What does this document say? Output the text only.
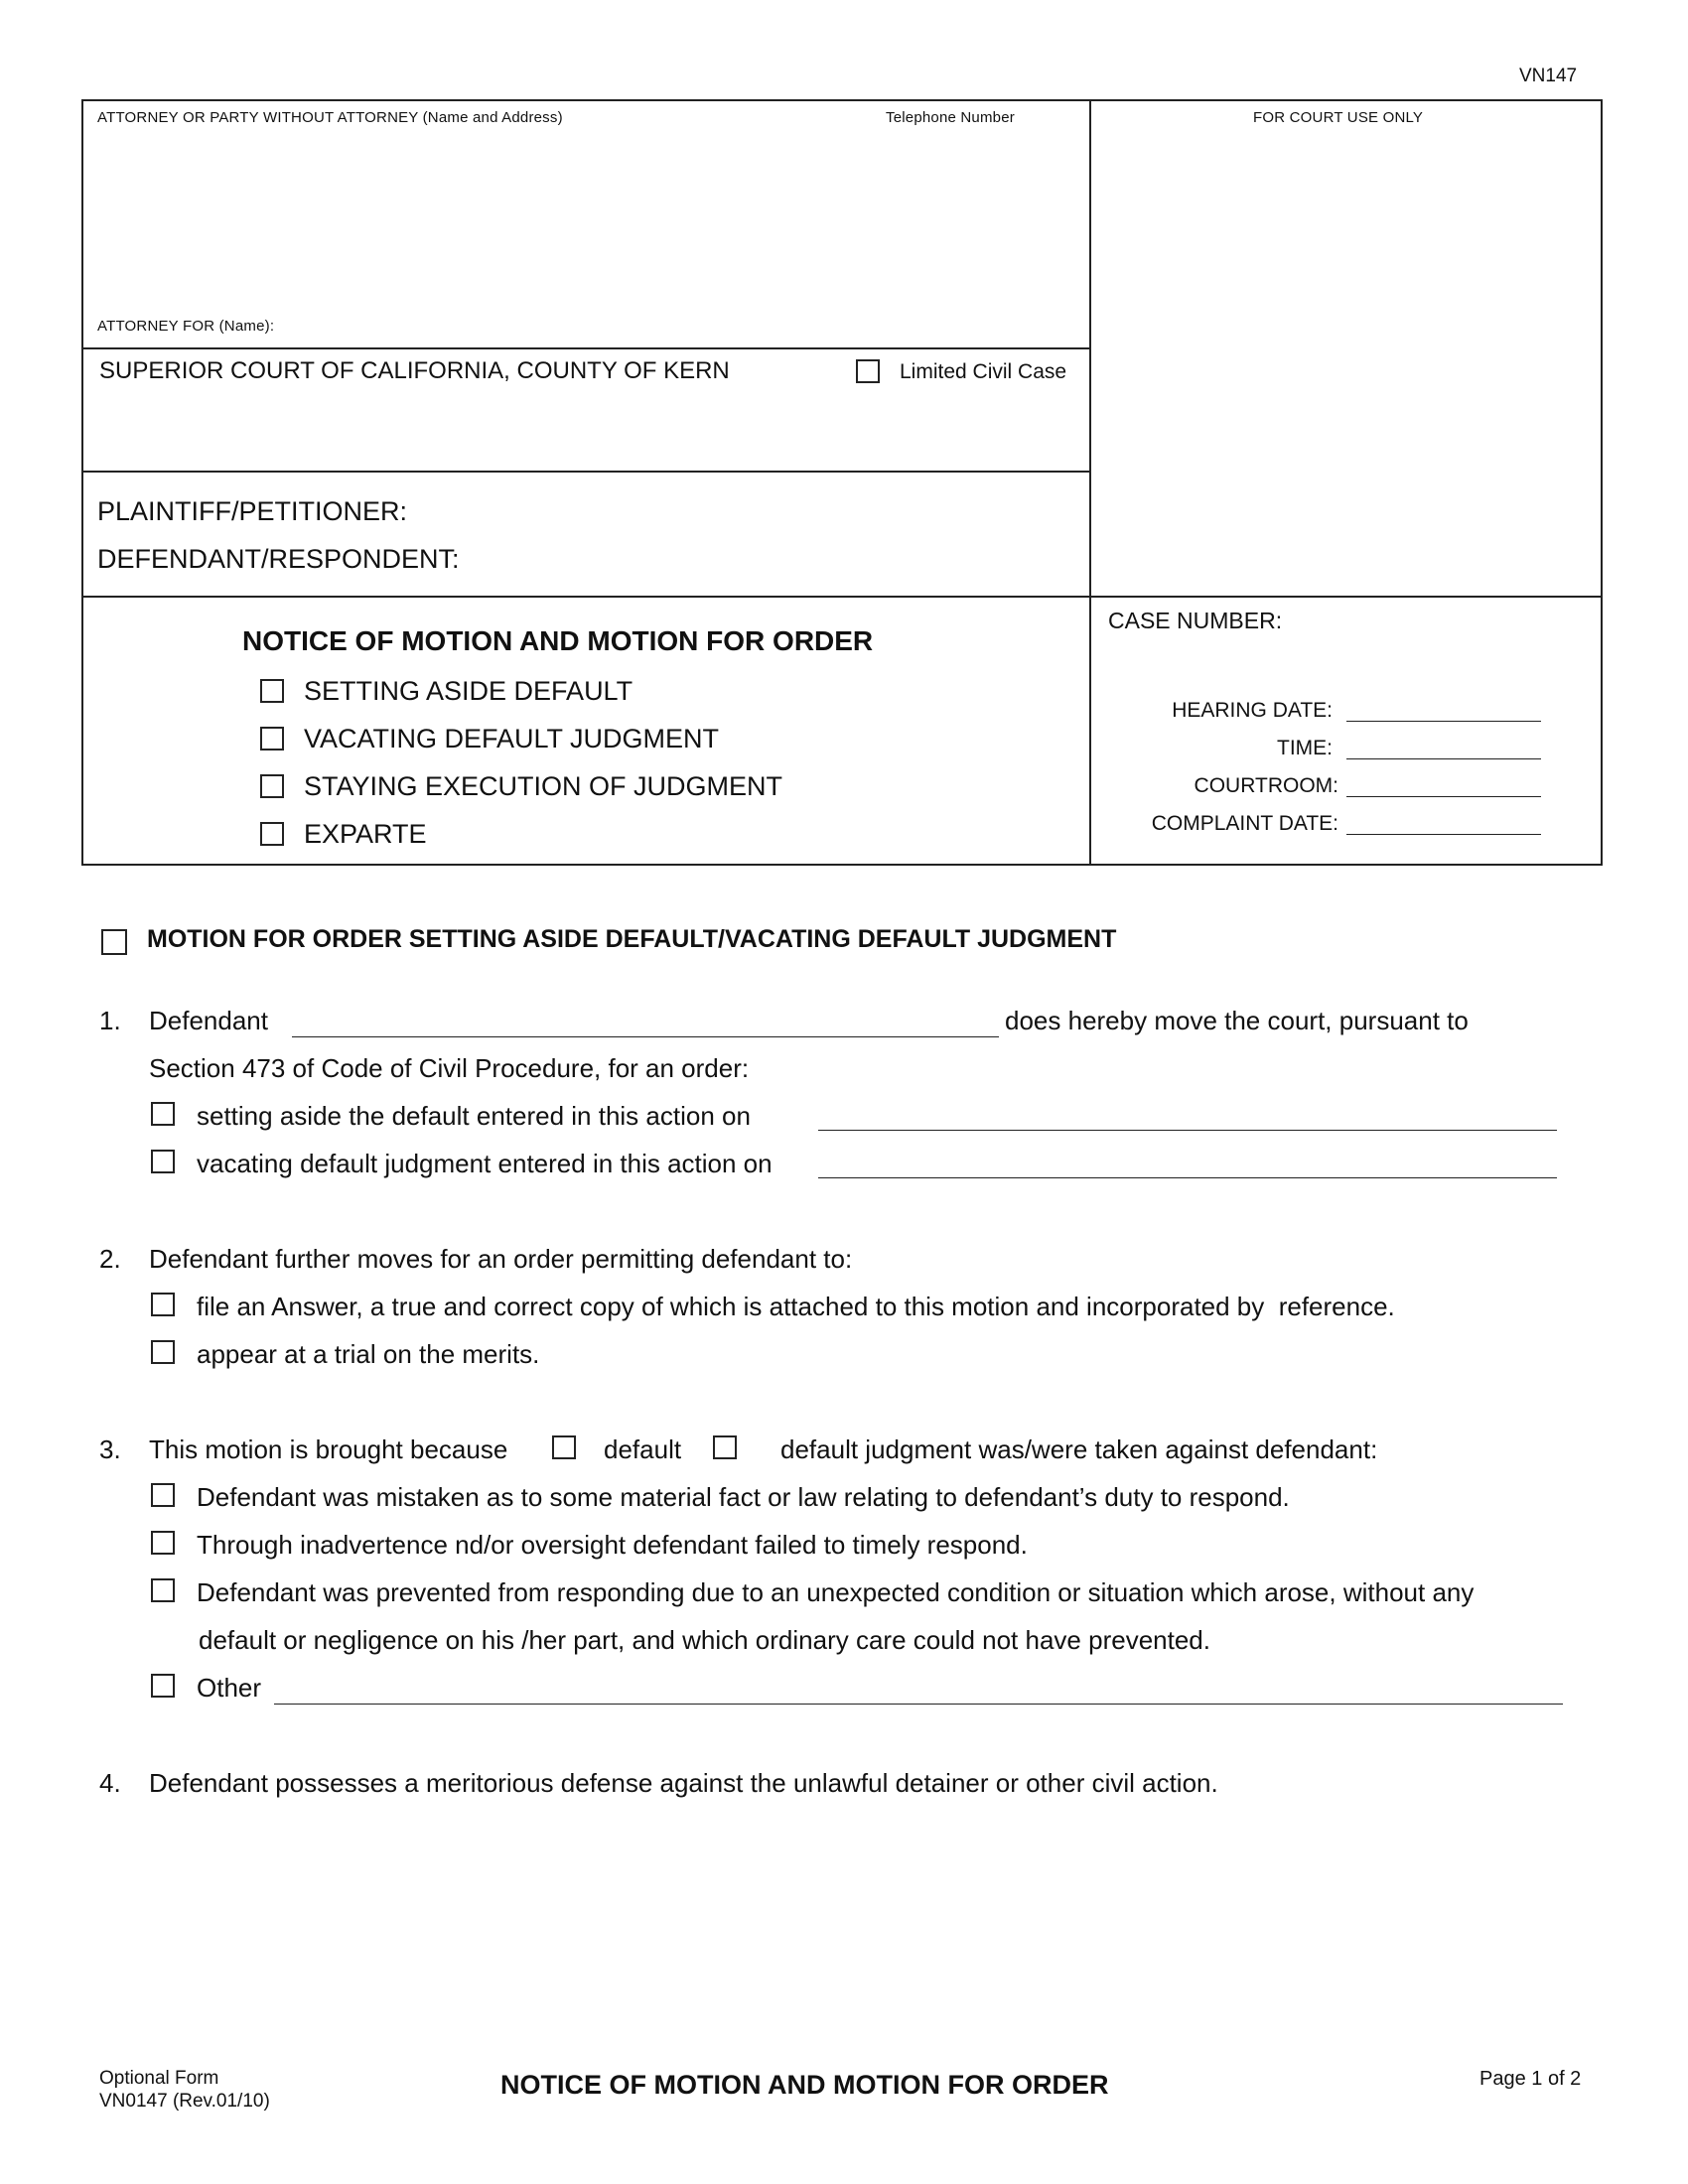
VN147
ATTORNEY OR PARTY WITHOUT ATTORNEY (Name and Address)	Telephone Number	FOR COURT USE ONLY
ATTORNEY FOR (Name):
SUPERIOR COURT OF CALIFORNIA, COUNTY OF KERN	Limited Civil Case
PLAINTIFF/PETITIONER:
DEFENDANT/RESPONDENT:
NOTICE OF MOTION AND MOTION FOR ORDER
SETTING ASIDE DEFAULT
VACATING DEFAULT JUDGMENT
STAYING EXECUTION OF JUDGMENT
EXPARTE
CASE NUMBER:
HEARING DATE:
TIME:
COURTROOM:
COMPLAINT DATE:
MOTION FOR ORDER SETTING ASIDE DEFAULT/VACATING DEFAULT JUDGMENT
1. Defendant	does hereby move the court, pursuant to
Section 473 of Code of Civil Procedure, for an order:
setting aside the default entered in this action on
vacating default judgment entered in this action on
2. Defendant further moves for an order permitting defendant to:
file an Answer, a true and correct copy of which is attached to this motion and incorporated by  reference.
appear at a trial on the merits.
3. This motion is brought because	default	default judgment was/were taken against defendant:
Defendant was mistaken as to some material fact or law relating to defendant’s duty to respond.
Through inadvertence nd/or oversight defendant failed to timely respond.
Defendant was prevented from responding due to an unexpected condition or situation which arose, without any
default or negligence on his /her part, and which ordinary care could not have prevented.
Other
4. Defendant possesses a meritorious defense against the unlawful detainer or other civil action.
Optional Form
VN0147 (Rev.01/10)
NOTICE OF MOTION AND MOTION FOR ORDER	Page 1 of 2
